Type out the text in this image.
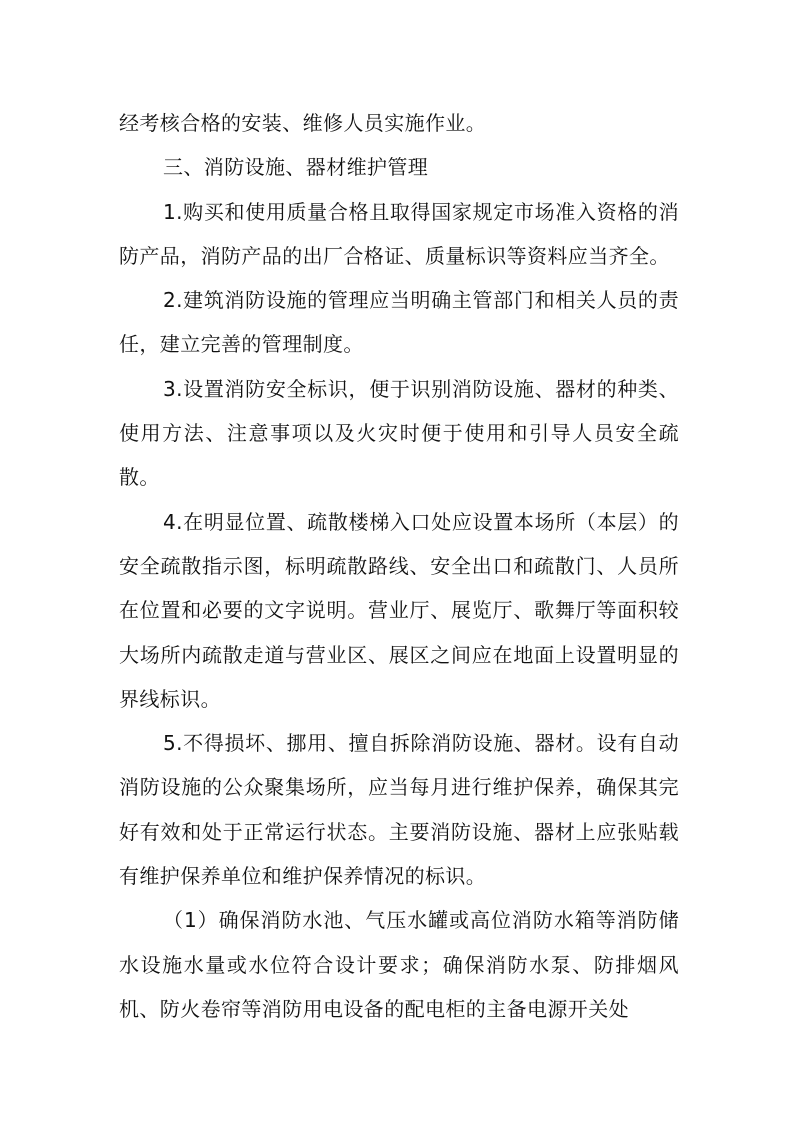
经考核合格的安装、维修人员实施作业。

三、消防设施、器材维护管理

1.购买和使用质量合格且取得国家规定市场准入资格的消防产品，消防产品的出厂合格证、质量标识等资料应当齐全。

2.建筑消防设施的管理应当明确主管部门和相关人员的责任，建立完善的管理制度。

3.设置消防安全标识，便于识别消防设施、器材的种类、使用方法、注意事项以及火灾时便于使用和引导人员安全疏散。

4.在明显位置、疏散楼梯入口处应设置本场所（本层）的安全疏散指示图，标明疏散路线、安全出口和疏散门、人员所在位置和必要的文字说明。营业厅、展览厅、歌舞厅等面积较大场所内疏散走道与营业区、展区之间应在地面上设置明显的界线标识。

5.不得损坏、挪用、擅自拆除消防设施、器材。设有自动消防设施的公众聚集场所，应当每月进行维护保养，确保其完好有效和处于正常运行状态。主要消防设施、器材上应张贴载有维护保养单位和维护保养情况的标识。

（1）确保消防水池、气压水罐或高位消防水箱等消防储水设施水量或水位符合设计要求；确保消防水泵、防排烟风机、防火卷帘等消防用电设备的配电柜的主备电源开关处
